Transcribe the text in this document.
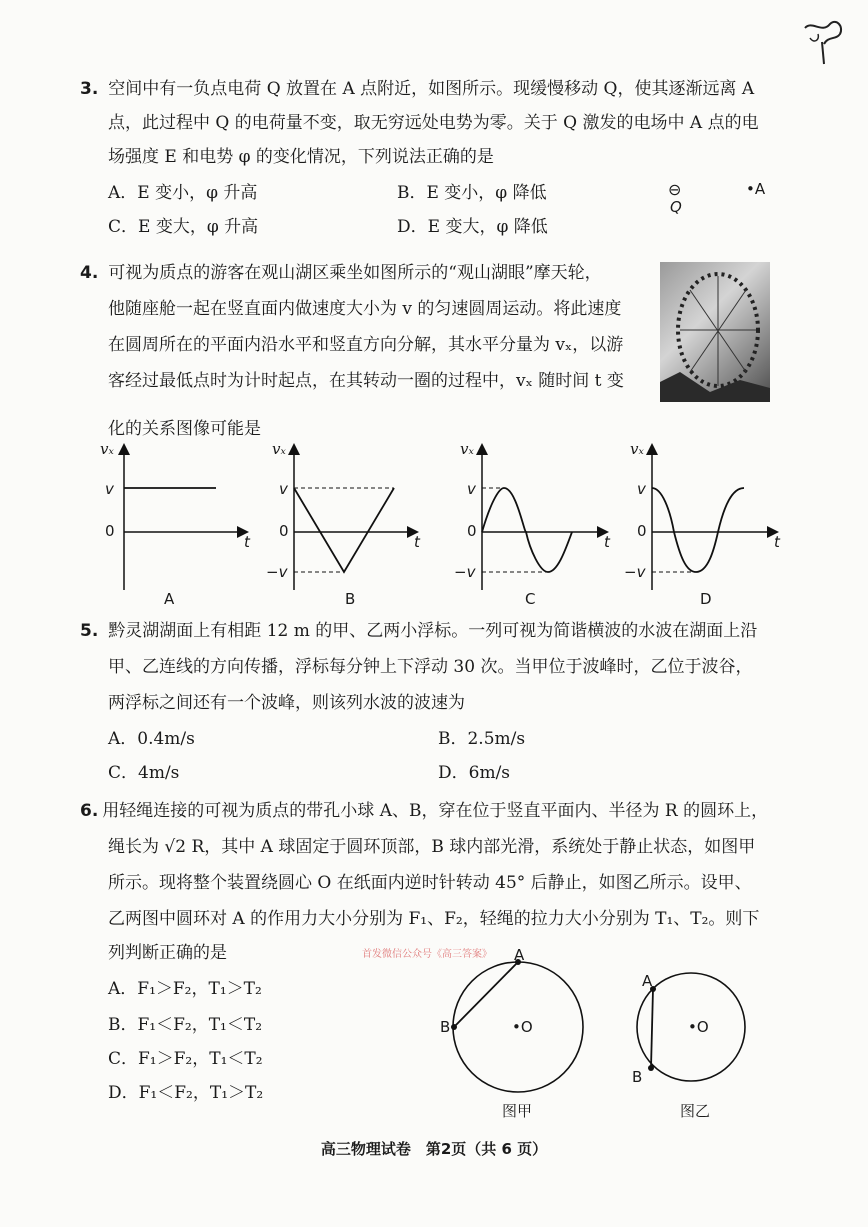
3. 空间中有一负点电荷 Q 放置在 A 点附近，如图所示。现缓慢移动 Q，使其逐渐远离 A
点，此过程中 Q 的电荷量不变，取无穷远处电势为零。关于 Q 激发的电场中 A 点的电
场强度 E 和电势 φ 的变化情况，下列说法正确的是
A．E 变小，φ 升高	B．E 变小，φ 降低
C．E 变大，φ 升高	D．E 变大，φ 降低
⊖
Q
•A
4. 可视为质点的游客在观山湖区乘坐如图所示的“观山湖眼”摩天轮，
他随座舱一起在竖直面内做速度大小为 v 的匀速圆周运动。将此速度
在圆周所在的平面内沿水平和竖直方向分解，其水平分量为 vₓ，以游
客经过最低点时为计时起点，在其转动一圈的过程中，vₓ 随时间 t 变
化的关系图像可能是
vₓ
v
0
t
A
vₓ
v
0
−v
t
B
vₓ
v
0
−v
t
C
vₓ
v
0
−v
t
D
5. 黔灵湖湖面上有相距 12 m 的甲、乙两小浮标。一列可视为简谐横波的水波在湖面上沿
甲、乙连线的方向传播，浮标每分钟上下浮动 30 次。当甲位于波峰时，乙位于波谷，
两浮标之间还有一个波峰，则该列水波的波速为
A．0.4m/s	B．2.5m/s
C．4m/s	D．6m/s
6. 用轻绳连接的可视为质点的带孔小球 A、B，穿在位于竖直平面内、半径为 R 的圆环上，
绳长为 √2 R，其中 A 球固定于圆环顶部，B 球内部光滑，系统处于静止状态，如图甲
所示。现将整个装置绕圆心 O 在纸面内逆时针转动 45° 后静止，如图乙所示。设甲、
乙两图中圆环对 A 的作用力大小分别为 F₁、F₂，轻绳的拉力大小分别为 T₁、T₂。则下
列判断正确的是	首发微信公众号《高三答案》
A．F₁＞F₂，T₁＞T₂
B．F₁＜F₂，T₁＜T₂
C．F₁＞F₂，T₁＜T₂
D．F₁＜F₂，T₁＞T₂
A
B	•O
图甲
A
B
•O
图乙
高三物理试卷　第2页（共 6 页）
